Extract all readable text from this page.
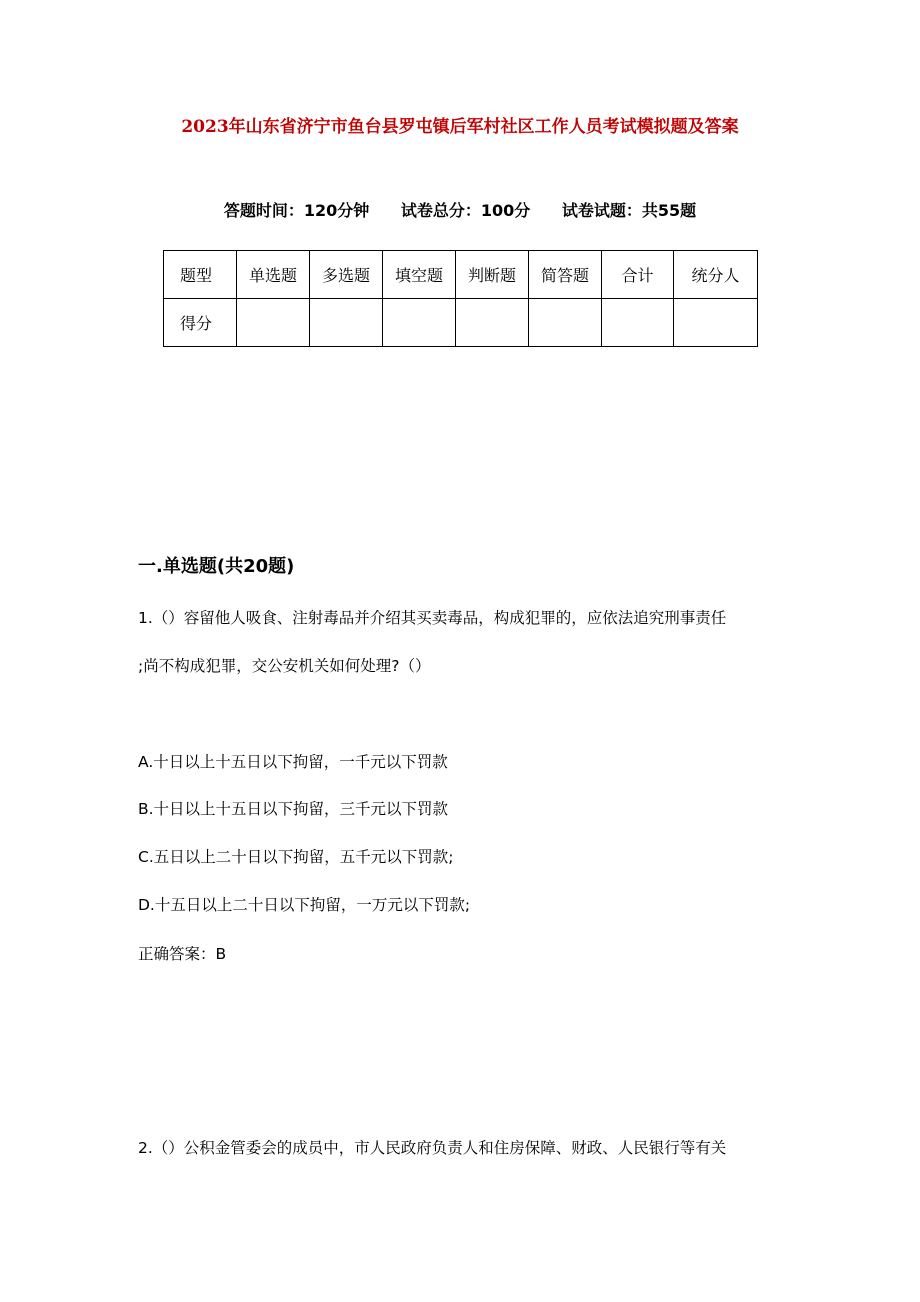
2023年山东省济宁市鱼台县罗屯镇后军村社区工作人员考试模拟题及答案
答题时间：120分钟 试卷总分：100分 试卷试题：共55题
题型	单选题	多选题	填空题	判断题	简答题	合计	统分人
得分							
一.单选题(共20题)
1.（）容留他人吸食、注射毒品并介绍其买卖毒品，构成犯罪的，应依法追究刑事责任
;尚不构成犯罪，交公安机关如何处理?（）
A.十日以上十五日以下拘留，一千元以下罚款
B.十日以上十五日以下拘留，三千元以下罚款
C.五日以上二十日以下拘留，五千元以下罚款;
D.十五日以上二十日以下拘留，一万元以下罚款;
正确答案：B
2.（）公积金管委会的成员中，市人民政府负责人和住房保障、财政、人民银行等有关
